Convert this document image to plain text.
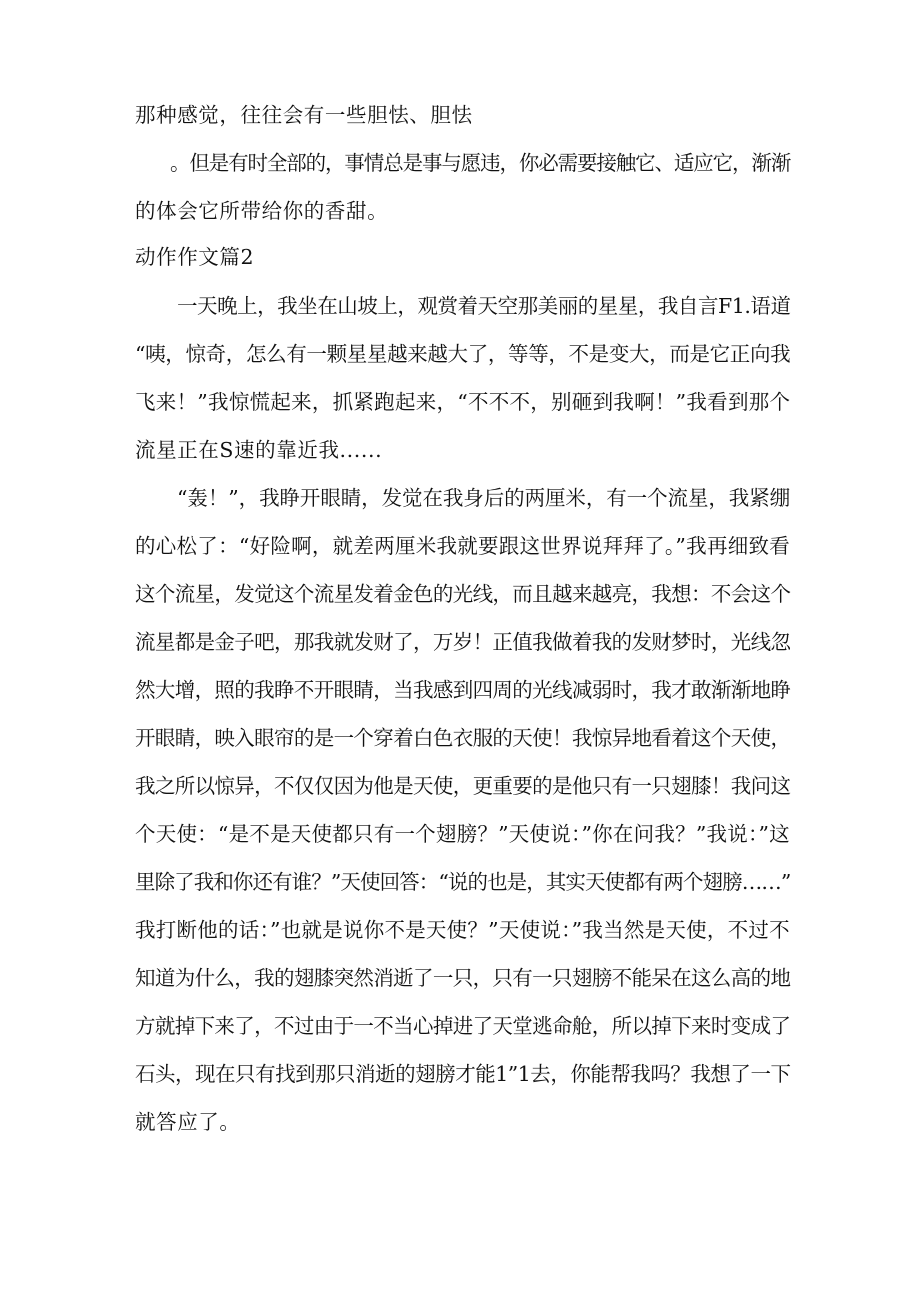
那种感觉，往往会有一些胆怯、胆怯
。但是有时全部的，事情总是事与愿违，你必需要接触它、适应它，渐渐
的体会它所带给你的香甜。
动作作文篇2
一天晚上，我坐在山坡上，观赏着天空那美丽的星星，我自言F1.语道
“咦，惊奇，怎么有一颗星星越来越大了，等等，不是变大，而是它正向我
飞来！”我惊慌起来，抓紧跑起来，“不不不，别砸到我啊！”我看到那个
流星正在S速的靠近我......
“轰！”，我睁开眼睛，发觉在我身后的两厘米，有一个流星，我紧绷
的心松了：“好险啊，就差两厘米我就要跟这世界说拜拜了。”我再细致看
这个流星，发觉这个流星发着金色的光线，而且越来越亮，我想：不会这个
流星都是金子吧，那我就发财了，万岁！正值我做着我的发财梦时，光线忽
然大增，照的我睁不开眼睛，当我感到四周的光线减弱时，我才敢渐渐地睁
开眼睛，映入眼帘的是一个穿着白色衣服的天使！我惊异地看着这个天使，
我之所以惊异，不仅仅因为他是天使，更重要的是他只有一只翅膝！我问这
个天使：“是不是天使都只有一个翅膀？”天使说：”你在问我？”我说：”这
里除了我和你还有谁？”天使回答：“说的也是，其实天使都有两个翅膀……”
我打断他的话：”也就是说你不是天使？”天使说：”我当然是天使，不过不
知道为什么，我的翅膝突然消逝了一只，只有一只翅膀不能呆在这么高的地
方就掉下来了，不过由于一不当心掉进了天堂逃命舱，所以掉下来时变成了
石头，现在只有找到那只消逝的翅膀才能1”1去，你能帮我吗？我想了一下
就答应了。
